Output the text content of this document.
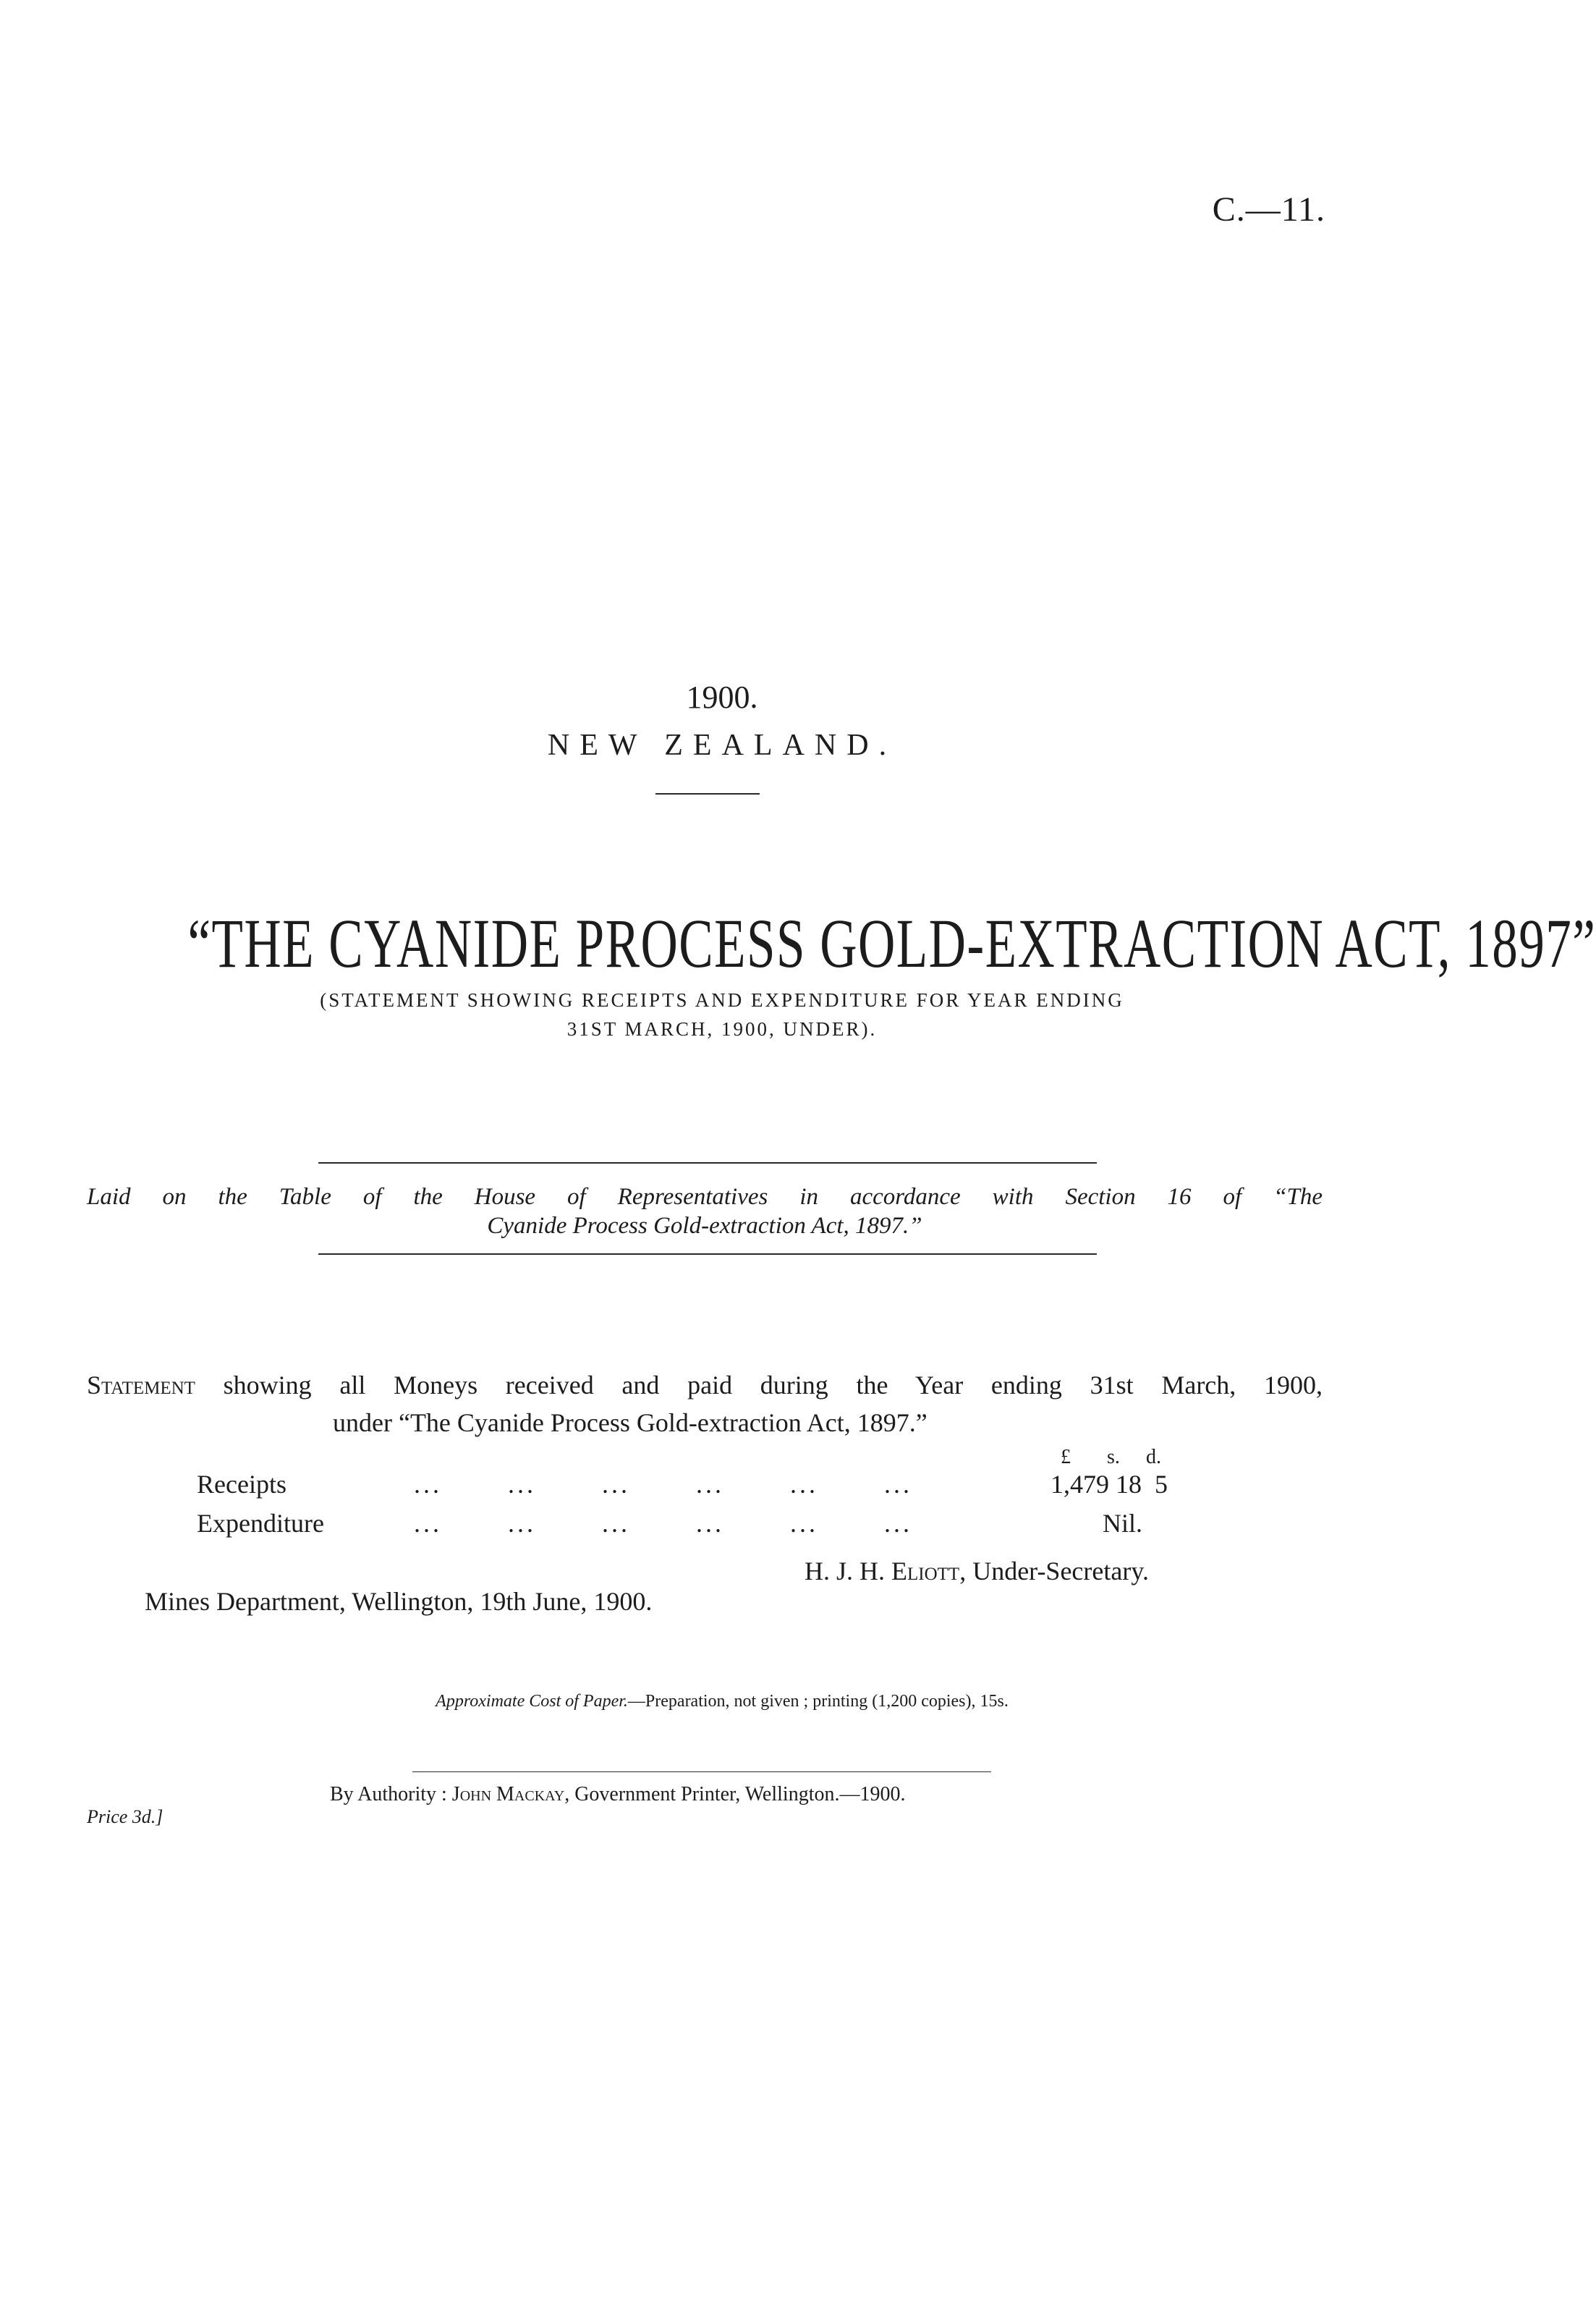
C.—11.
1900.
NEW ZEALAND.
“THE CYANIDE PROCESS GOLD-EXTRACTION ACT, 1897”
(STATEMENT SHOWING RECEIPTS AND EXPENDITURE FOR YEAR ENDING
31ST MARCH, 1900, UNDER).

Laid on the Table of the House of Representatives in accordance with Section 16 of “The

Cyanide Process Gold-extraction Act, 1897.”

Statement showing all Moneys received and paid during the Year ending 31st March, 1900,
under “The Cyanide Process Gold-extraction Act, 1897.”
£ s. d.
Receipts	... ... ... ... ... ...	1,479 18  5
Expenditure	... ... ... ... ... ...	Nil.
H. J. H. Eliott, Under-Secretary.
Mines Department, Wellington, 19th June, 1900.
Approximate Cost of Paper.—Preparation, not given ; printing (1,200 copies), 15s.
By Authority : John Mackay, Government Printer, Wellington.—1900.
Price 3d.]
